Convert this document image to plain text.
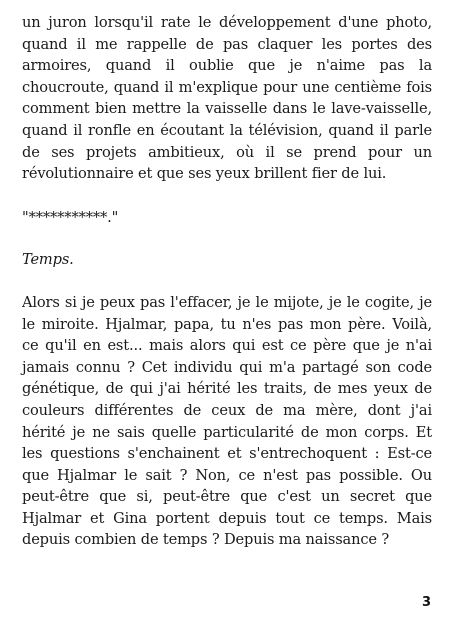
un juron lorsqu'il rate le développement d'une photo, quand il me rappelle de pas claquer les portes des armoires, quand il oublie que je n'aime pas la choucroute, quand il m'explique pour une centième fois comment bien mettre la vaisselle dans le lave-vaisselle, quand il ronfle en écoutant la télévision, quand il parle de ses projets ambitieux, où il se prend pour un révolutionnaire et que ses yeux brillent fier de lui.

"***********."

Temps.

Alors si je peux pas l'effacer, je le mijote, je le cogite, je le miroite. Hjalmar, papa, tu n'es pas mon père. Voilà, ce qu'il en est... mais alors qui est ce père que je n'ai jamais connu ? Cet individu qui m'a partagé son code génétique, de qui j'ai hérité les traits, de mes yeux de couleurs différentes de ceux de ma mère, dont j'ai hérité je ne sais quelle particularité de mon corps. Et les questions s'enchainent et s'entrechoquent : Est-ce que Hjalmar le sait ? Non, ce n'est pas possible. Ou peut-être que si, peut-être que c'est un secret que Hjalmar et Gina portent depuis tout ce temps. Mais depuis combien de temps ? Depuis ma naissance ?

3
